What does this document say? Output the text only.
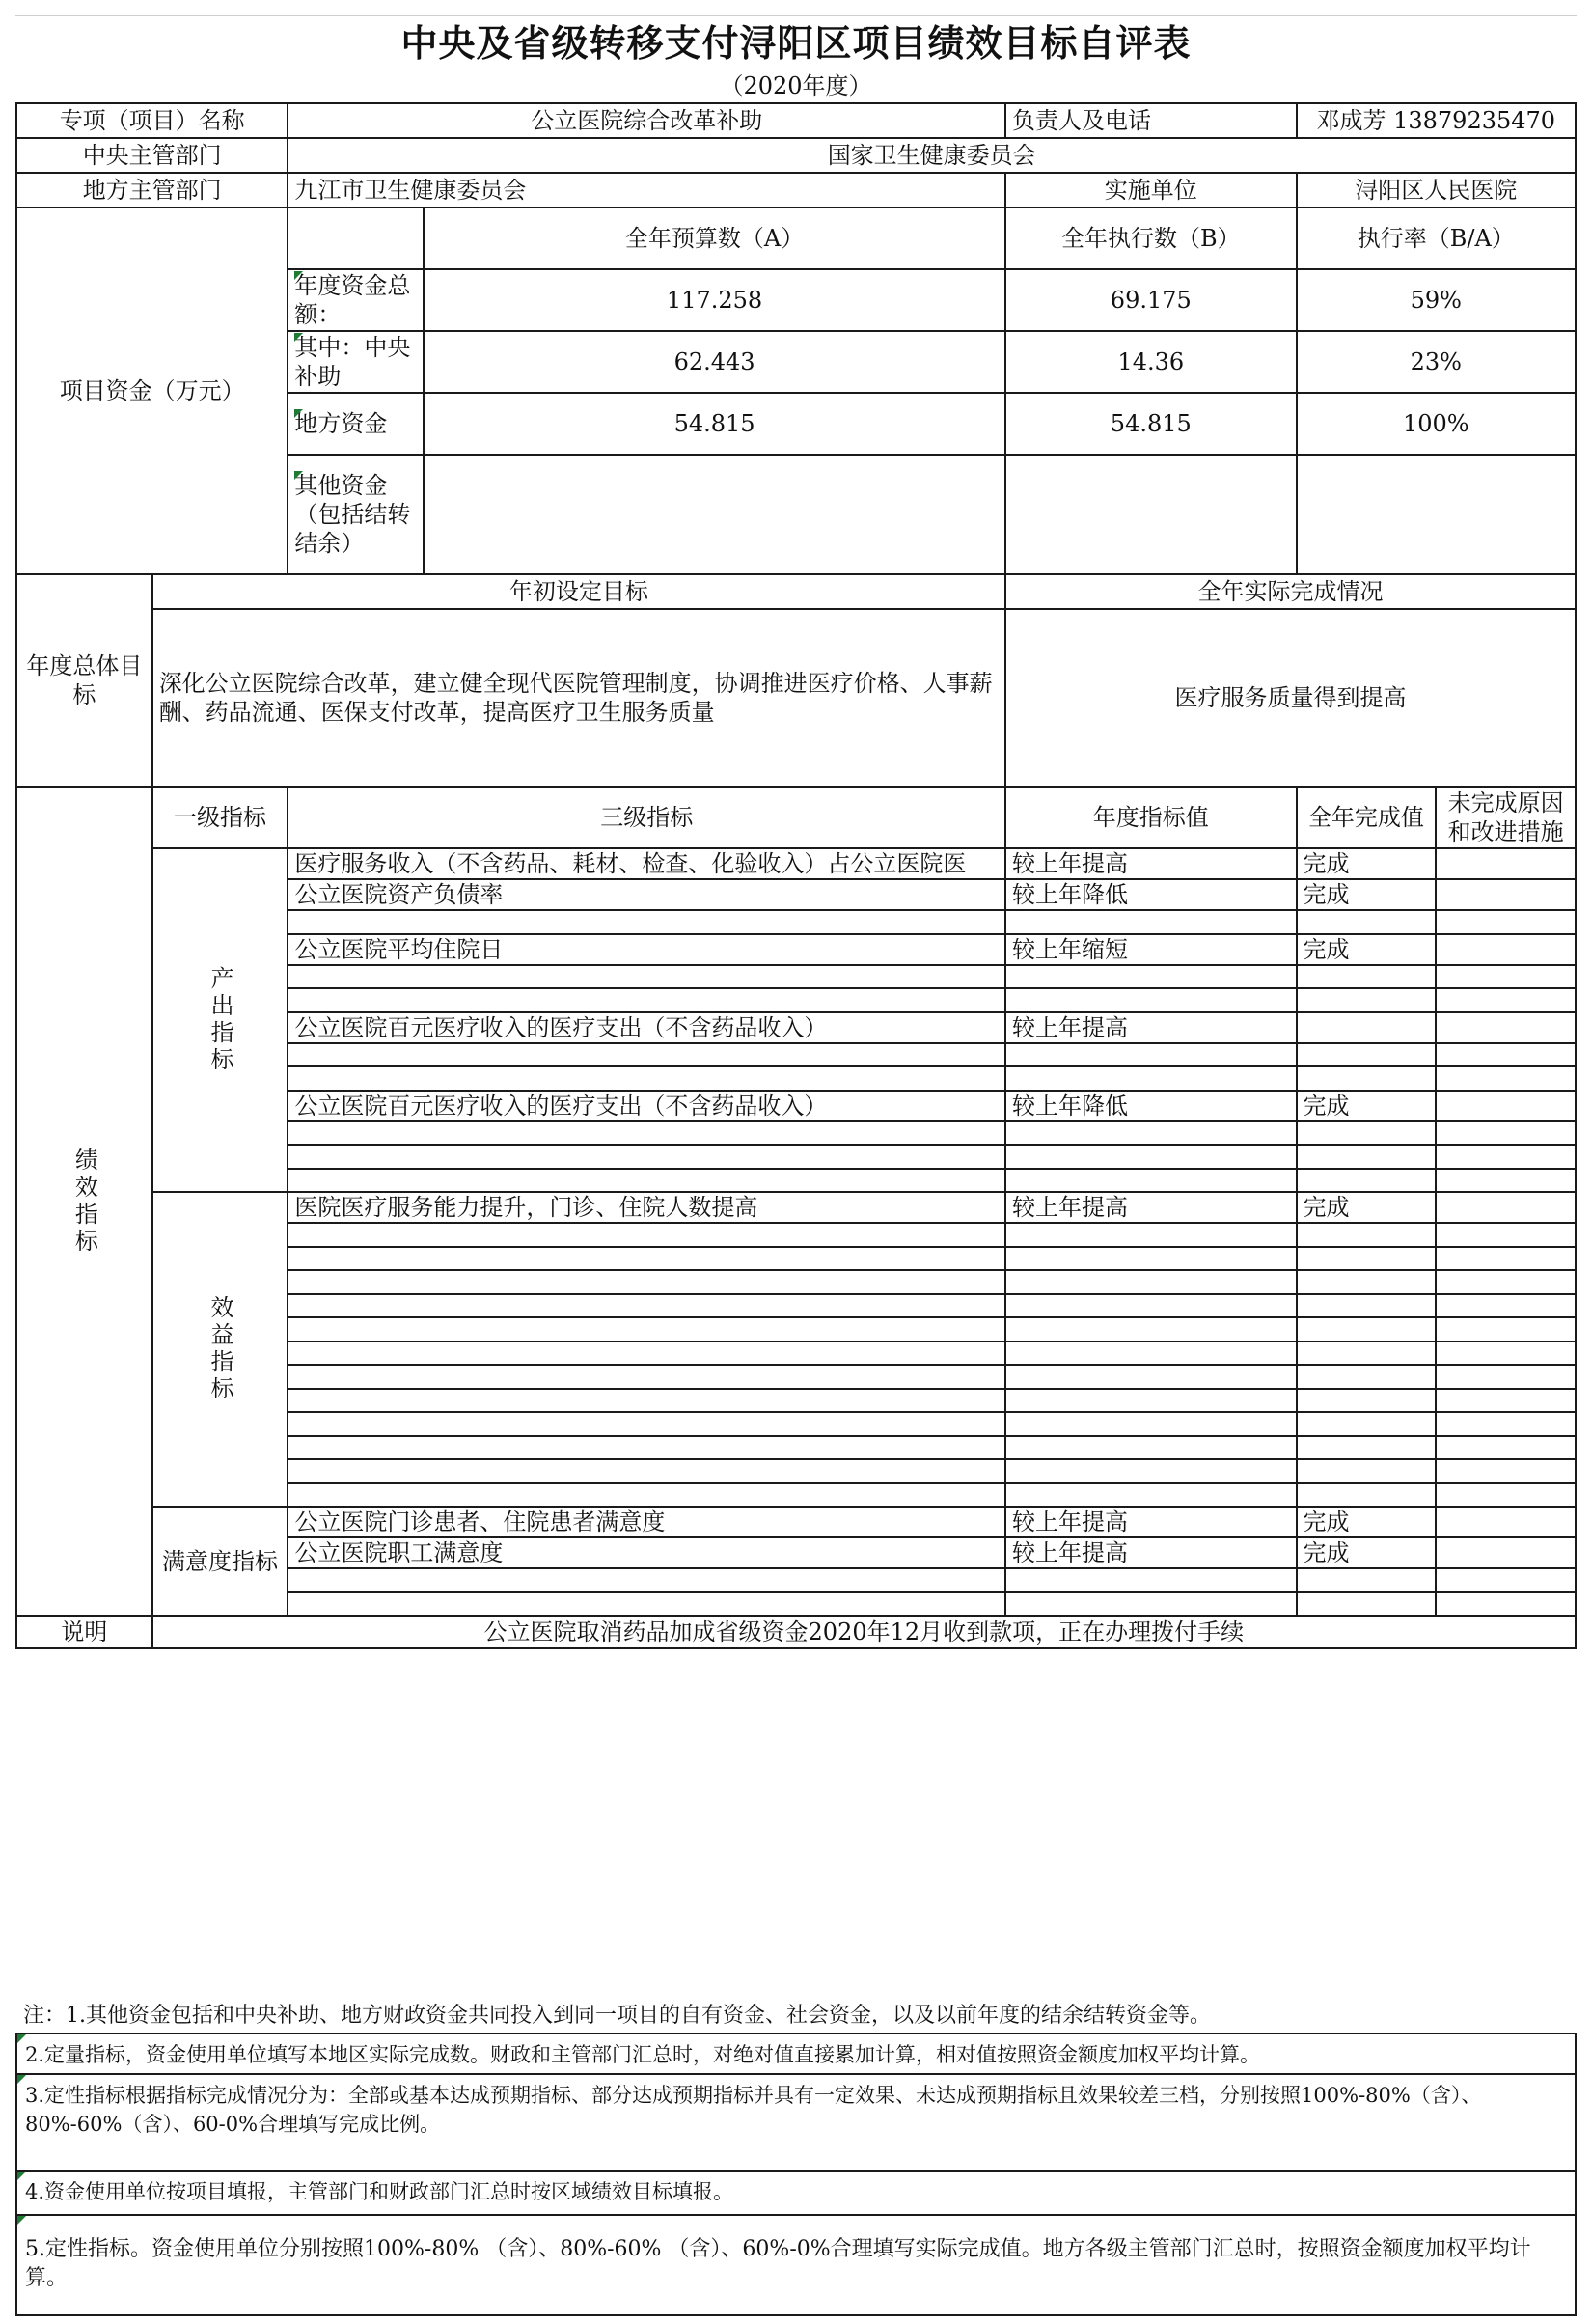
中央及省级转移支付浔阳区项目绩效目标自评表
（2020年度）
专项（项目）名称		公立医院综合改革补助		负责人及电话	邓成芳 13879235470	
中央主管部门		国家卫生健康委员会				
地方主管部门		九江市卫生健康委员会		实施单位	浔阳区人民医院	
项目资金（万元）			全年预算数（A）	全年执行数（B）	执行率（B/A）	

年度资金总额：	117.258	69.175	59%	

其中：中央补助	62.443	14.36	23%	

地方资金	54.815	54.815	100%	

其他资金（包括结转结余）				

年度总体目标	年初设定目标			全年实际完成情况		
	深化公立医院综合改革，建立健全现代医院管理制度，协调推进医疗价格、人事薪酬、药品流通、医保支付改革，提高医疗卫生服务质量			医疗服务质量得到提高		

绩效指标	一级指标	三级指标		年度指标值	全年完成值	未完成原因和改进措施

	产出指标	医疗服务收入（不含药品、耗材、检查、化验收入）占公立医院医		较上年提高	完成	
		公立医院资产负债率		较上年降低	完成	

		公立医院平均住院日		较上年缩短	完成	

		公立医院百元医疗收入的医疗支出（不含药品收入）		较上年提高		

		公立医院百元医疗收入的医疗支出（不含药品收入）		较上年降低	完成	

	效益指标	医院医疗服务能力提升，门诊、住院人数提高		较上年提高	完成	

	满意度指标	公立医院门诊患者、住院患者满意度		较上年提高	完成	
		公立医院职工满意度		较上年提高	完成	

说明	公立医院取消药品加成省级资金2020年12月收到款项，正在办理拨付手续					
注：1.其他资金包括和中央补助、地方财政资金共同投入到同一项目的自有资金、社会资金，以及以前年度的结余结转资金等。
2.定量指标，资金使用单位填写本地区实际完成数。财政和主管部门汇总时，对绝对值直接累加计算，相对值按照资金额度加权平均计算。
3.定性指标根据指标完成情况分为：全部或基本达成预期指标、部分达成预期指标并具有一定效果、未达成预期指标且效果较差三档，分别按照100%-80%（含）、80%-60%（含）、60-0%合理填写完成比例。
4.资金使用单位按项目填报，主管部门和财政部门汇总时按区域绩效目标填报。
5.定性指标。资金使用单位分别按照100%-80% （含）、80%-60% （含）、60%-0%合理填写实际完成值。地方各级主管部门汇总时，按照资金额度加权平均计算。
